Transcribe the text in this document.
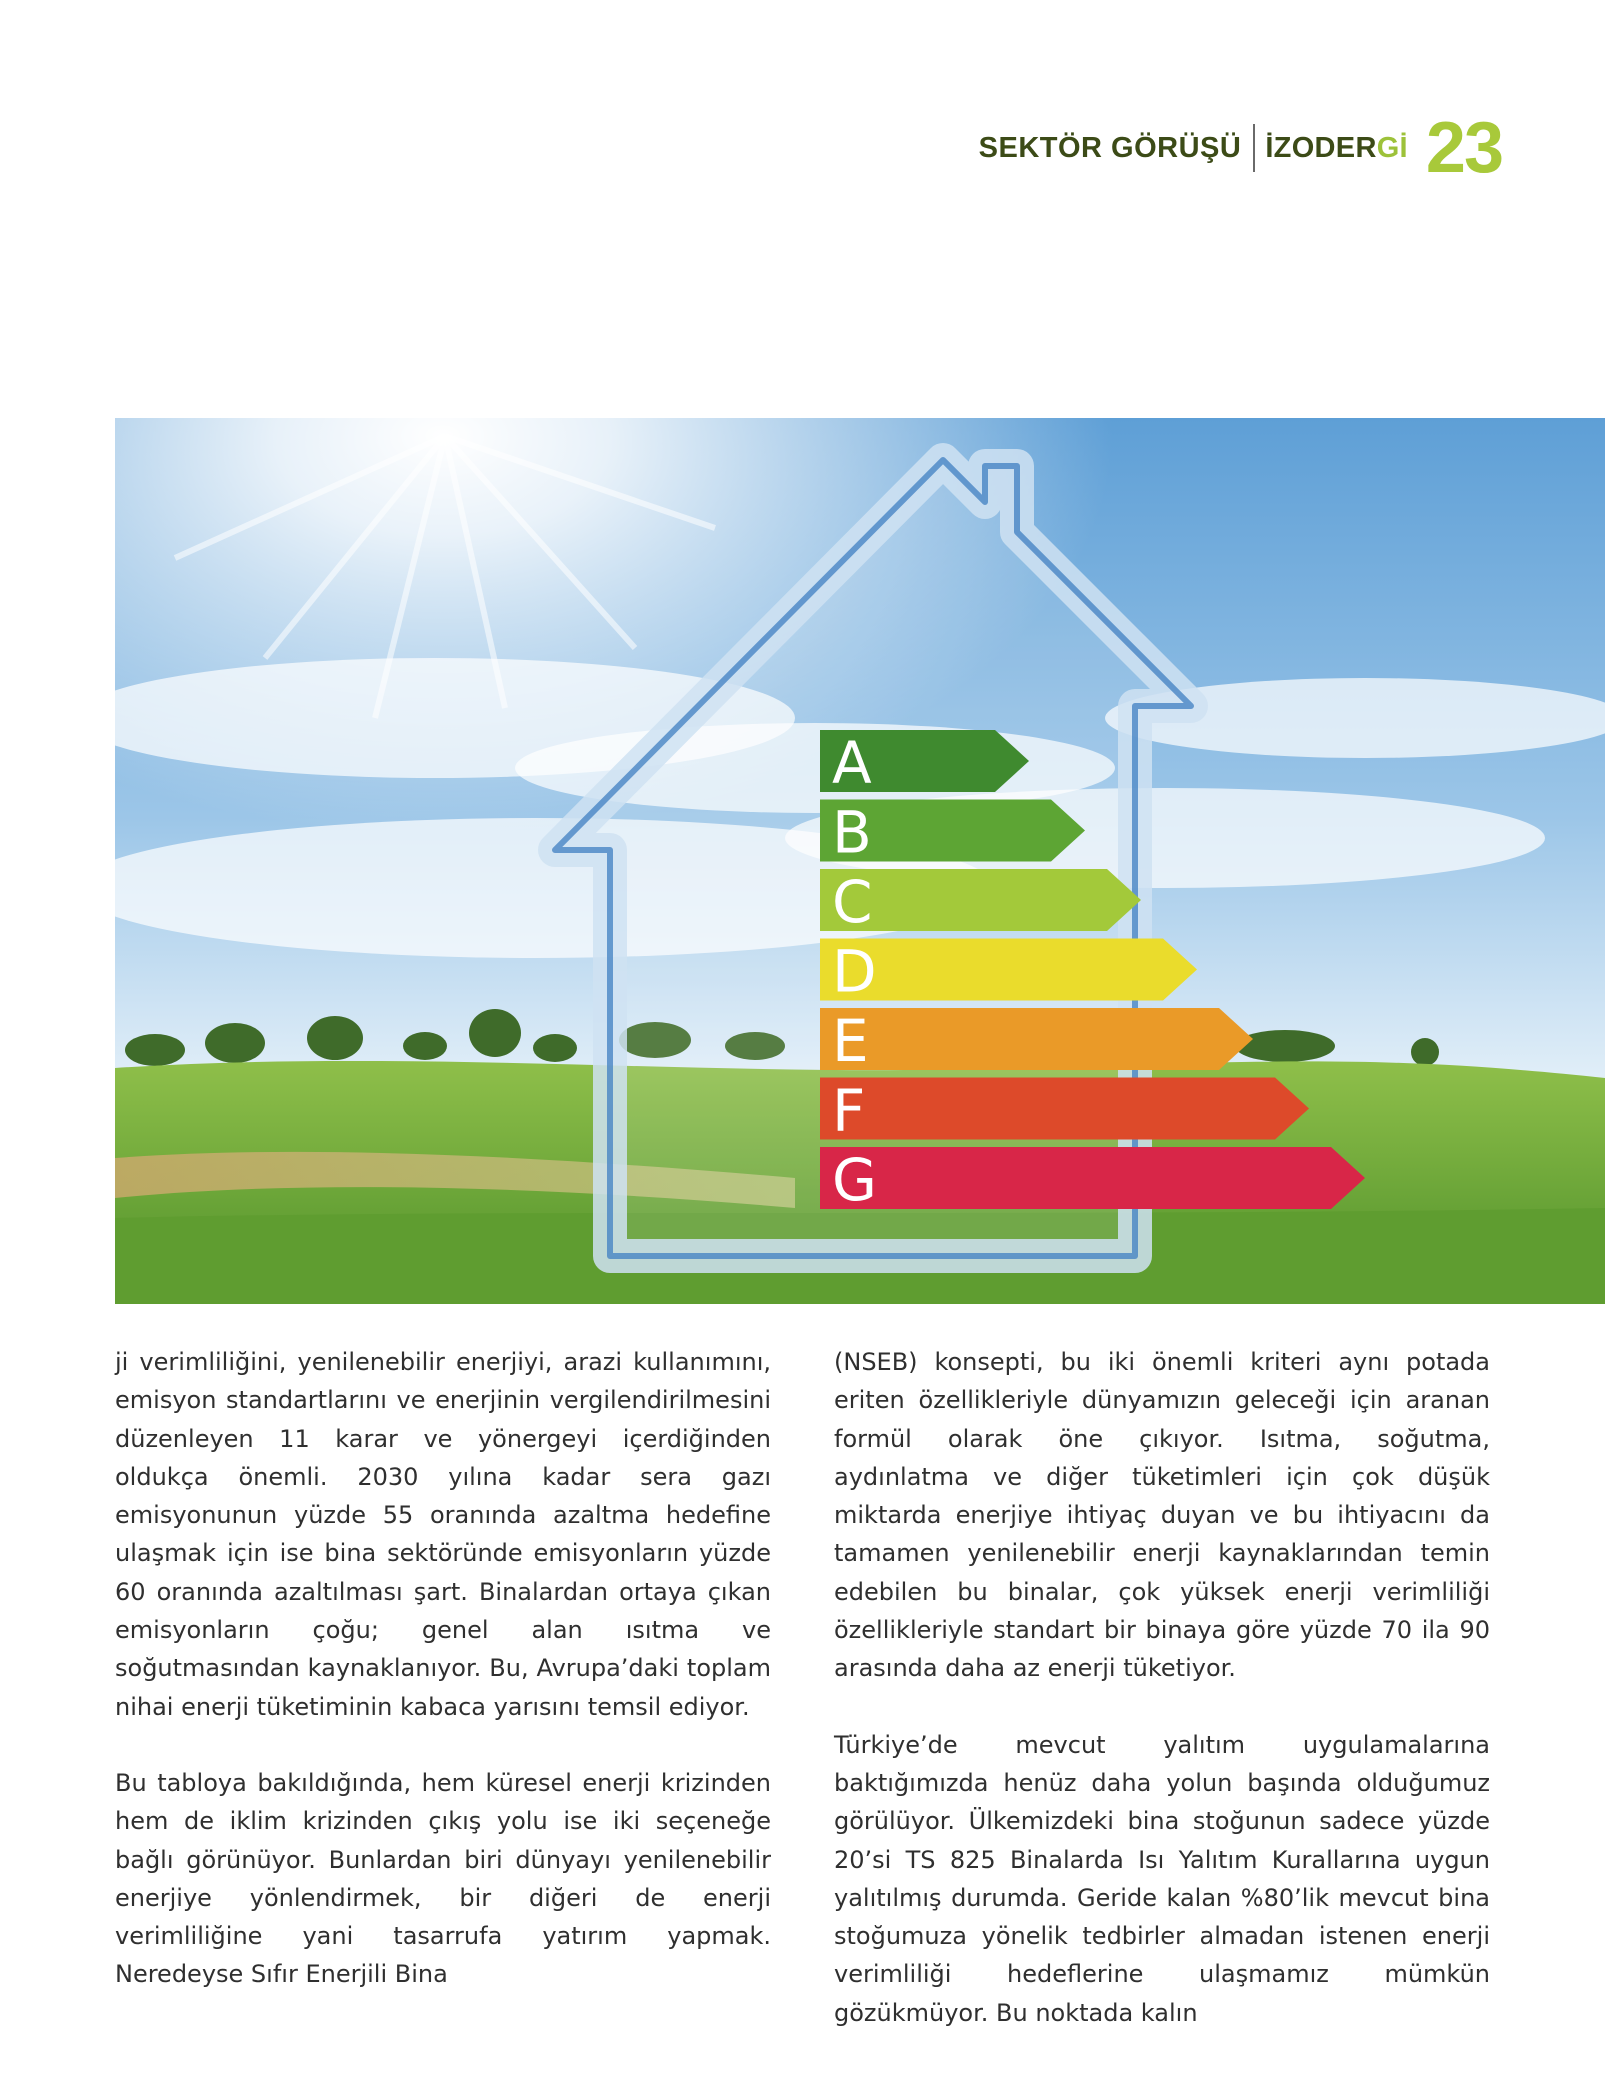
SEKTÖR GÖRÜŞÜ İZODERGİ 23
A
B
C
D
E
F
G

ji verimliliğini, yenilenebilir enerjiyi, arazi kullanımını, emisyon standartlarını ve enerjinin vergilendirilmesini düzenleyen 11 karar ve yönergeyi içerdiğinden oldukça önemli. 2030 yılına kadar sera gazı emisyonunun yüzde 55 oranında azaltma hedefine ulaşmak için ise bina sektöründe emisyonların yüzde 60 oranında azaltılması şart. Binalardan ortaya çıkan emisyonların çoğu; genel alan ısıtma ve soğutmasından kaynaklanıyor. Bu, Avrupa’daki toplam nihai enerji tüketiminin kabaca yarısını temsil ediyor.

Bu tabloya bakıldığında, hem küresel enerji krizinden hem de iklim krizinden çıkış yolu ise iki seçeneğe bağlı görünüyor. Bunlardan biri dünyayı yenilenebilir enerjiye yönlendirmek, bir diğeri de enerji verimliliğine yani tasarrufa yatırım yapmak. Neredeyse Sıfır Enerjili Bina

(NSEB) konsepti, bu iki önemli kriteri aynı potada eriten özellikleriyle dünyamızın geleceği için aranan formül olarak öne çıkıyor. Isıtma, soğutma, aydınlatma ve diğer tüketimleri için çok düşük miktarda enerjiye ihtiyaç duyan ve bu ihtiyacını da tamamen yenilenebilir enerji kaynaklarından temin edebilen bu binalar, çok yüksek enerji verimliliği özellikleriyle standart bir binaya göre yüzde 70 ila 90 arasında daha az enerji tüketiyor.

Türkiye’de mevcut yalıtım uygulamalarına baktığımızda henüz daha yolun başında olduğumuz görülüyor. Ülkemizdeki bina stoğunun sadece yüzde 20’si TS 825 Binalarda Isı Yalıtım Kurallarına uygun yalıtılmış durumda. Geride kalan %80’lik mevcut bina stoğumuza yönelik tedbirler almadan istenen enerji verimliliği hedeflerine ulaşmamız mümkün gözükmüyor. Bu noktada kalın
